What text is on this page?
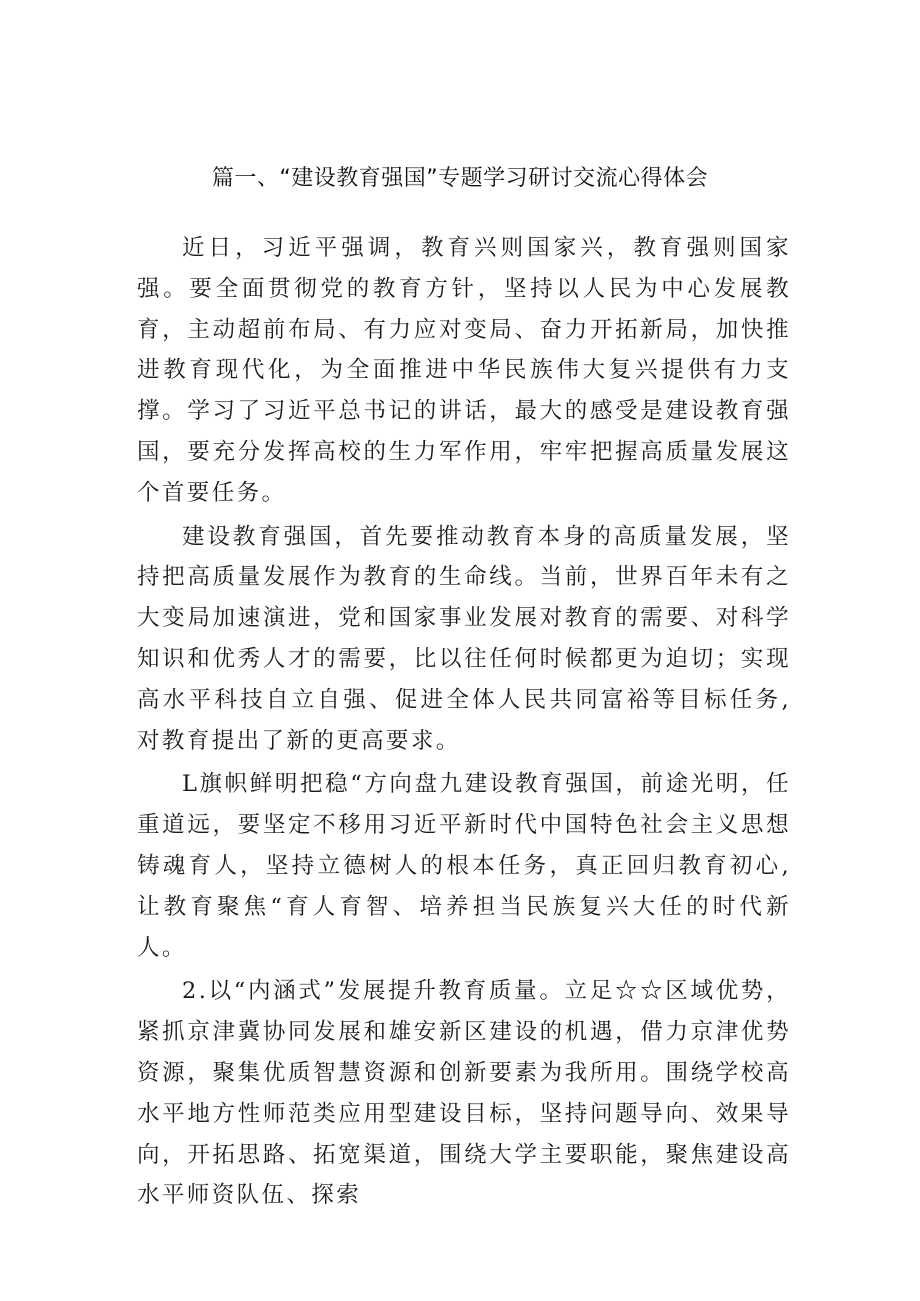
篇一、“建设教育强国”专题学习研讨交流心得体会

近日，习近平强调，教育兴则国家兴，教育强则国家强。要全面贯彻党的教育方针，坚持以人民为中心发展教育，主动超前布局、有力应对变局、奋力开拓新局，加快推进教育现代化，为全面推进中华民族伟大复兴提供有力支撑。学习了习近平总书记的讲话，最大的感受是建设教育强国，要充分发挥高校的生力军作用，牢牢把握高质量发展这个首要任务。

建设教育强国，首先要推动教育本身的高质量发展，坚持把高质量发展作为教育的生命线。当前，世界百年未有之大变局加速演进，党和国家事业发展对教育的需要、对科学知识和优秀人才的需要，比以往任何时候都更为迫切；实现高水平科技自立自强、促进全体人民共同富裕等目标任务,对教育提出了新的更高要求。

L旗帜鲜明把稳“方向盘九建设教育强国，前途光明，任重道远，要坚定不移用习近平新时代中国特色社会主义思想铸魂育人，坚持立德树人的根本任务，真正回归教育初心,让教育聚焦“育人育智、培养担当民族复兴大任的时代新人。

2.以“内涵式”发展提升教育质量。立足☆☆区域优势，紧抓京津冀协同发展和雄安新区建设的机遇，借力京津优势资源，聚集优质智慧资源和创新要素为我所用。围绕学校高水平地方性师范类应用型建设目标，坚持问题导向、效果导向，开拓思路、拓宽渠道，围绕大学主要职能，聚焦建设高水平师资队伍、探索
